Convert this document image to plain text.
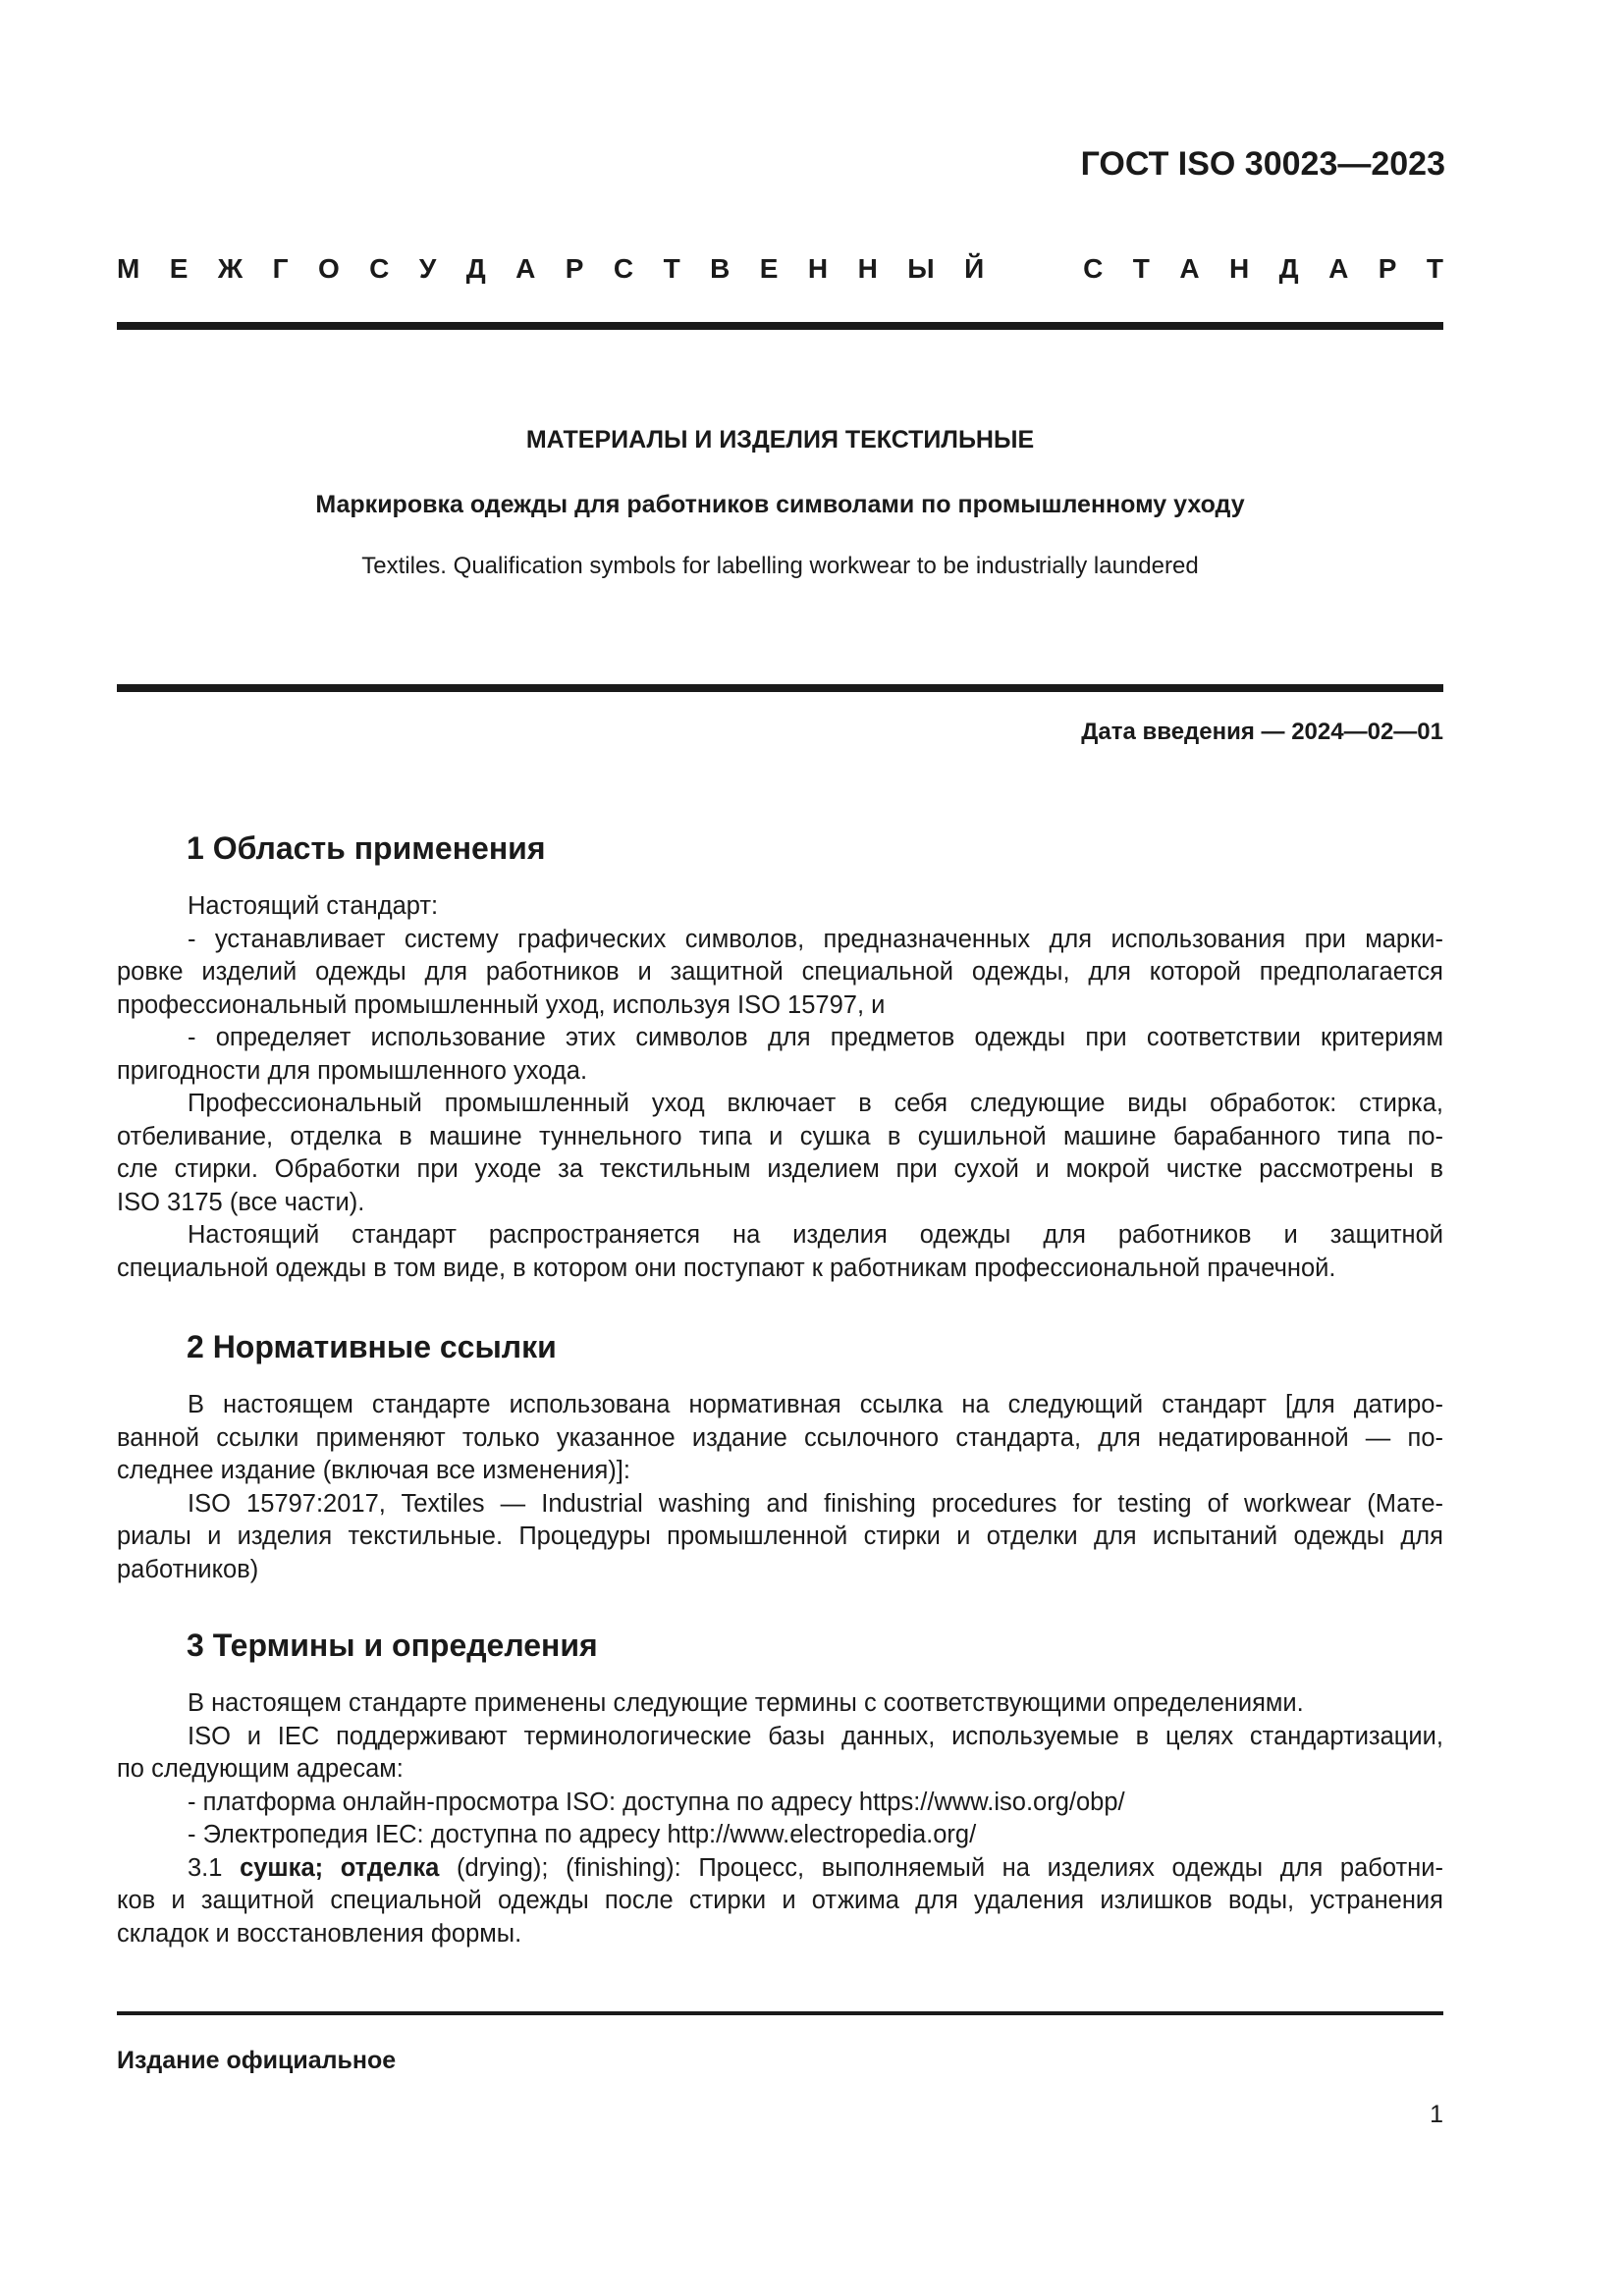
ГОСТ ISO 30023—2023
М Е Ж Г О С У Д А Р С Т В Е Н Н Ы Й	С Т А Н Д А Р Т
МАТЕРИАЛЫ И ИЗДЕЛИЯ ТЕКСТИЛЬНЫЕ
Маркировка одежды для работников символами по промышленному уходу
Textiles. Qualification symbols for labelling workwear to be industrially laundered
Дата введения — 2024—02—01
1 Область применения
Настоящий стандарт:
- устанавливает систему графических символов, предназначенных для использования при марки-
ровке изделий одежды для работников и защитной специальной одежды, для которой предполагается
профессиональный промышленный уход, используя ISO 15797, и
- определяет использование этих символов для предметов одежды при соответствии критериям
пригодности для промышленного ухода.
Профессиональный промышленный уход включает в себя следующие виды обработок: стирка,
отбеливание, отделка в машине туннельного типа и сушка в сушильной машине барабанного типа по-
сле стирки. Обработки при уходе за текстильным изделием при сухой и мокрой чистке рассмотрены в
ISO 3175 (все части).
Настоящий стандарт распространяется на изделия одежды для работников и защитной
специальной одежды в том виде, в котором они поступают к работникам профессиональной прачечной.
2 Нормативные ссылки
В настоящем стандарте использована нормативная ссылка на следующий стандарт [для датиро-
ванной ссылки применяют только указанное издание ссылочного стандарта, для недатированной — по-
следнее издание (включая все изменения)]:
ISO 15797:2017, Textiles — Industrial washing and finishing procedures for testing of workwear (Мате-
риалы и изделия текстильные. Процедуры промышленной стирки и отделки для испытаний одежды для
работников)
3 Термины и определения
В настоящем стандарте применены следующие термины с соответствующими определениями.
ISO и IEC поддерживают терминологические базы данных, используемые в целях стандартизации,
по следующим адресам:
- платформа онлайн-просмотра ISO: доступна по адресу https://www.iso.org/obp/
- Электропедия IEC: доступна по адресу http://www.electropedia.org/
3.1 сушка; отделка (drying); (finishing): Процесс, выполняемый на изделиях одежды для работни-
ков и защитной специальной одежды после стирки и отжима для удаления излишков воды, устранения
складок и восстановления формы.
Издание официальное
1
